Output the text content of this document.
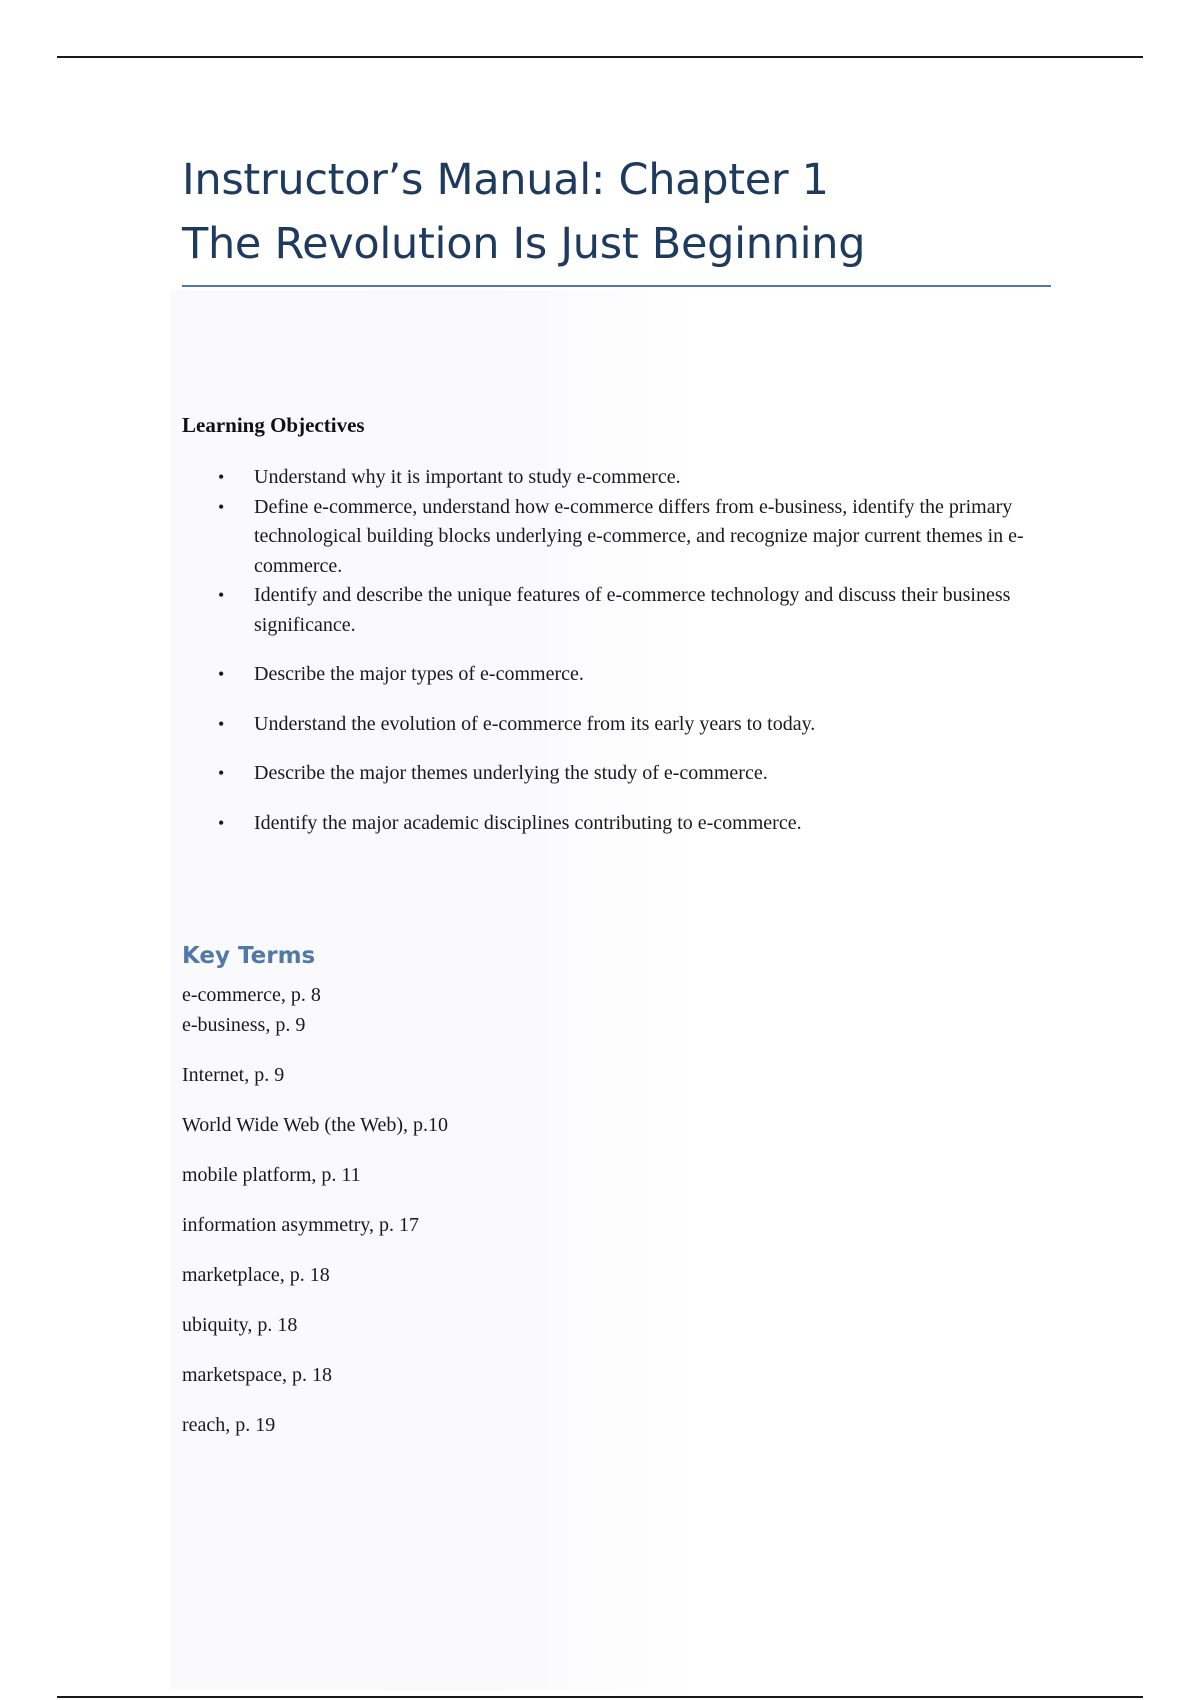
Instructor’s Manual: Chapter 1
The Revolution Is Just Beginning
Learning Objectives
• Understand why it is important to study e-commerce.
• Define e-commerce, understand how e-commerce differs from e-business, identify the primary technological building blocks underlying e-commerce, and recognize major current themes in e-commerce.
• Identify and describe the unique features of e-commerce technology and discuss their business significance.
• Describe the major types of e-commerce.
• Understand the evolution of e-commerce from its early years to today.
• Describe the major themes underlying the study of e-commerce.
• Identify the major academic disciplines contributing to e-commerce.
Key Terms
e-commerce, p. 8
e-business, p. 9
Internet, p. 9
World Wide Web (the Web), p.10
mobile platform, p. 11
information asymmetry, p. 17
marketplace, p. 18
ubiquity, p. 18
marketspace, p. 18
reach, p. 19
